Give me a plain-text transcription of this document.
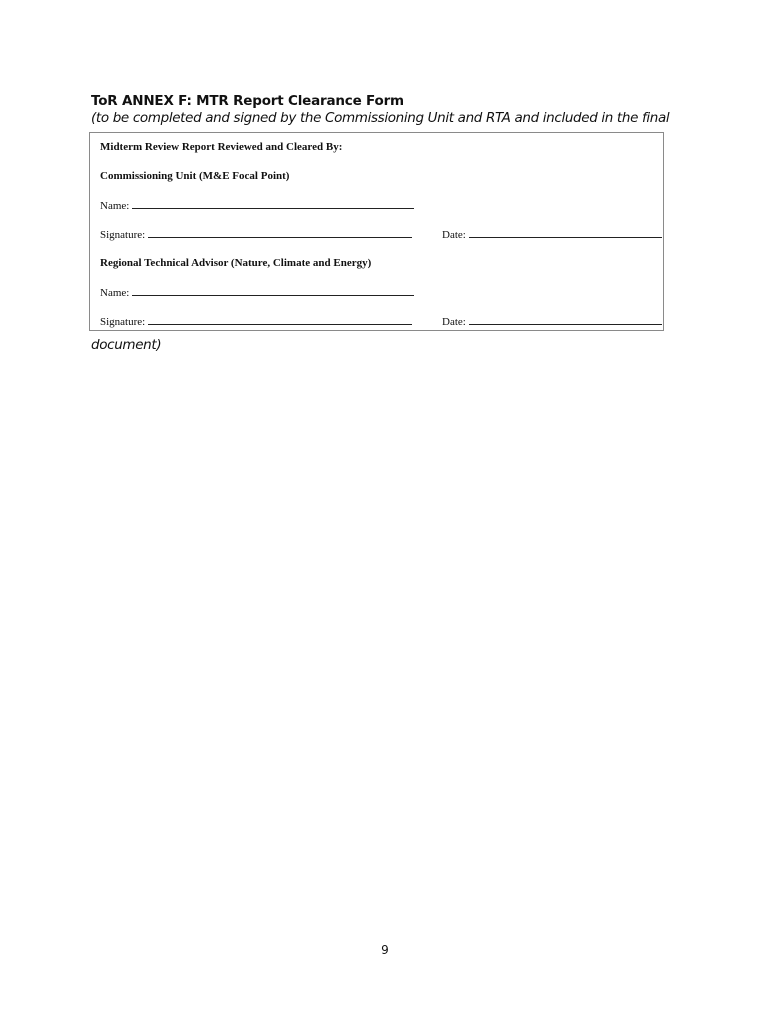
ToR ANNEX F: MTR Report Clearance Form
(to be completed and signed by the Commissioning Unit and RTA and included in the final
Midterm Review Report Reviewed and Cleared By:
Commissioning Unit (M&E Focal Point)
Name:
Signature:	Date:
Regional Technical Advisor (Nature, Climate and Energy)
Name:
Signature:	Date:
document)
9
